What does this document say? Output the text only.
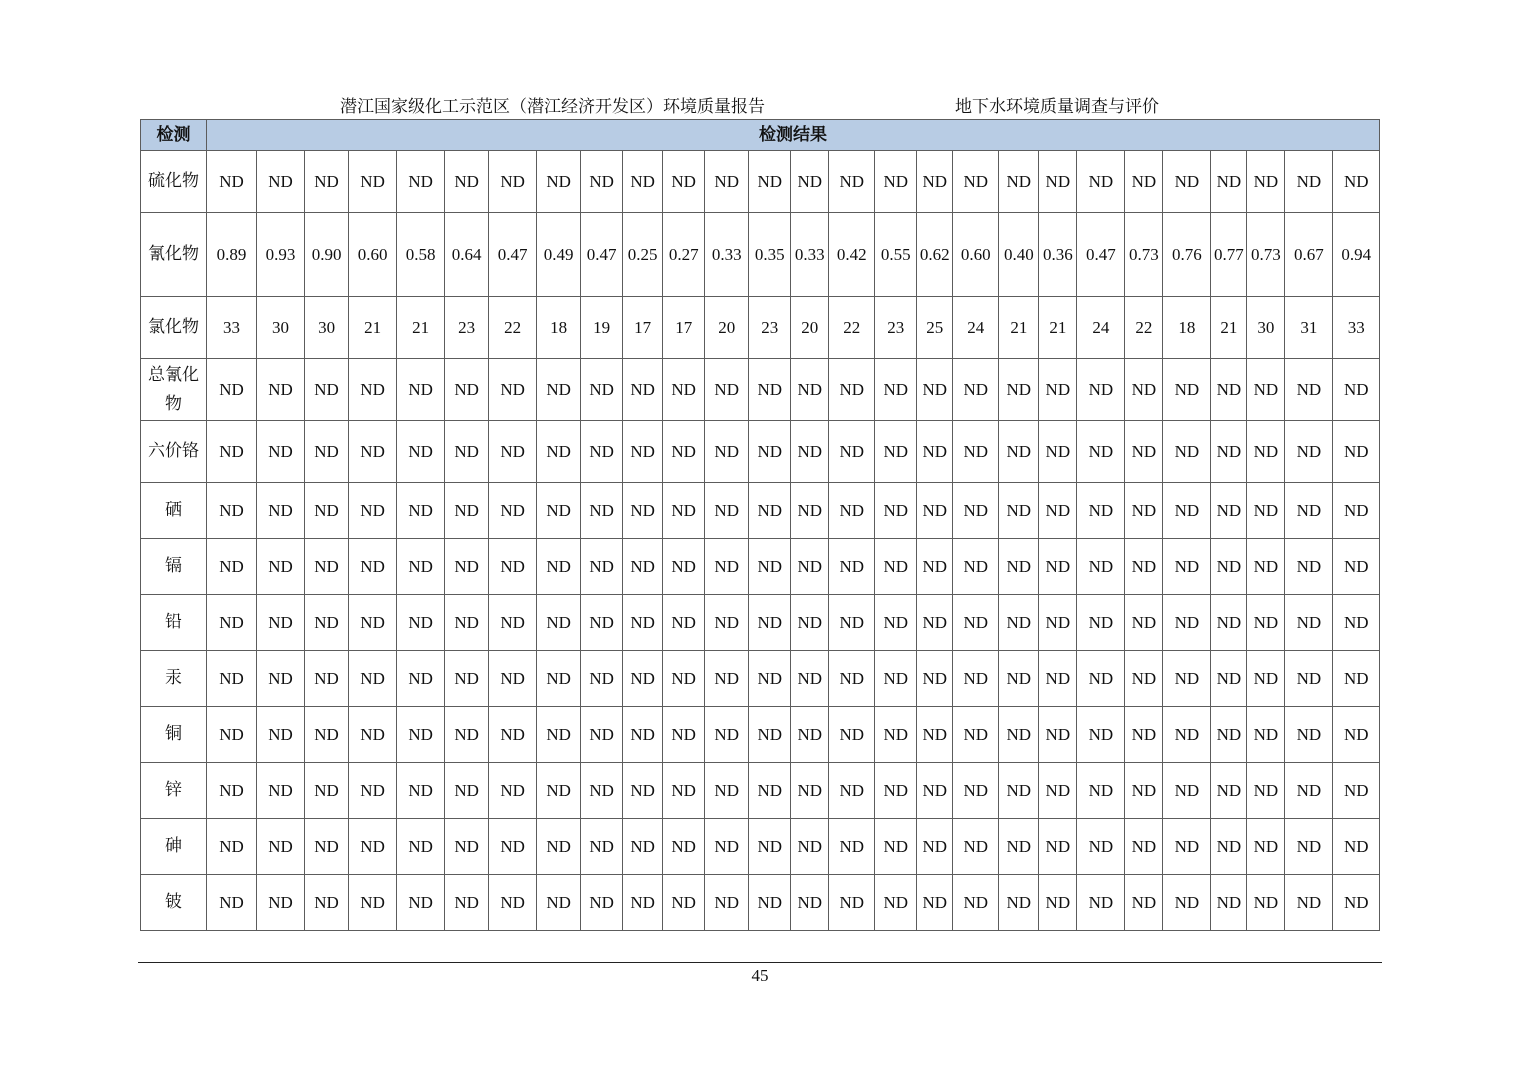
潜江国家级化工示范区（潜江经济开发区）环境质量报告	地下水环境质量调查与评价
检测	检测结果																										
硫化物	ND	ND	ND	ND	ND	ND	ND	ND	ND	ND	ND	ND	ND	ND	ND	ND	ND	ND	ND	ND	ND	ND	ND	ND	ND	ND	ND
氰化物	0.89	0.93	0.90	0.60	0.58	0.64	0.47	0.49	0.47	0.25	0.27	0.33	0.35	0.33	0.42	0.55	0.62	0.60	0.40	0.36	0.47	0.73	0.76	0.77	0.73	0.67	0.94
氯化物	33	30	30	21	21	23	22	18	19	17	17	20	23	20	22	23	25	24	21	21	24	22	18	21	30	31	33
总氰化物	ND	ND	ND	ND	ND	ND	ND	ND	ND	ND	ND	ND	ND	ND	ND	ND	ND	ND	ND	ND	ND	ND	ND	ND	ND	ND	ND
六价铬	ND	ND	ND	ND	ND	ND	ND	ND	ND	ND	ND	ND	ND	ND	ND	ND	ND	ND	ND	ND	ND	ND	ND	ND	ND	ND	ND
硒	ND	ND	ND	ND	ND	ND	ND	ND	ND	ND	ND	ND	ND	ND	ND	ND	ND	ND	ND	ND	ND	ND	ND	ND	ND	ND	ND
镉	ND	ND	ND	ND	ND	ND	ND	ND	ND	ND	ND	ND	ND	ND	ND	ND	ND	ND	ND	ND	ND	ND	ND	ND	ND	ND	ND
铅	ND	ND	ND	ND	ND	ND	ND	ND	ND	ND	ND	ND	ND	ND	ND	ND	ND	ND	ND	ND	ND	ND	ND	ND	ND	ND	ND
汞	ND	ND	ND	ND	ND	ND	ND	ND	ND	ND	ND	ND	ND	ND	ND	ND	ND	ND	ND	ND	ND	ND	ND	ND	ND	ND	ND
铜	ND	ND	ND	ND	ND	ND	ND	ND	ND	ND	ND	ND	ND	ND	ND	ND	ND	ND	ND	ND	ND	ND	ND	ND	ND	ND	ND
锌	ND	ND	ND	ND	ND	ND	ND	ND	ND	ND	ND	ND	ND	ND	ND	ND	ND	ND	ND	ND	ND	ND	ND	ND	ND	ND	ND
砷	ND	ND	ND	ND	ND	ND	ND	ND	ND	ND	ND	ND	ND	ND	ND	ND	ND	ND	ND	ND	ND	ND	ND	ND	ND	ND	ND
铍	ND	ND	ND	ND	ND	ND	ND	ND	ND	ND	ND	ND	ND	ND	ND	ND	ND	ND	ND	ND	ND	ND	ND	ND	ND	ND	ND
45
